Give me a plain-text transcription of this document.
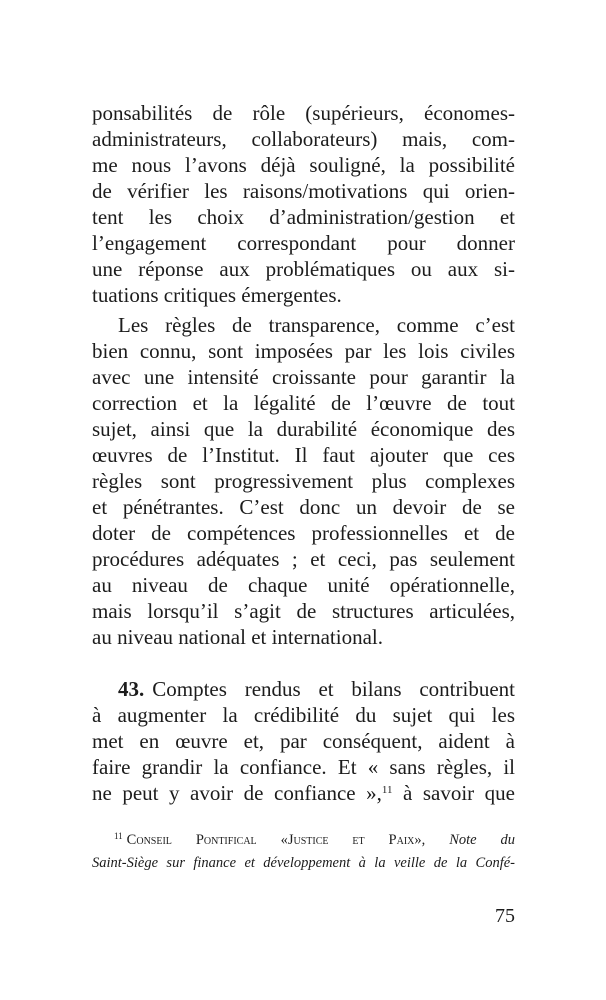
ponsabilités de rôle (supérieurs, économes-
administrateurs, collaborateurs) mais, com-
me nous l’avons déjà souligné, la possibilité
de vérifier les raisons/motivations qui orien-
tent les choix d’administration/gestion et
l’engagement correspondant pour donner
une réponse aux problématiques ou aux si-
tuations critiques émergentes.
Les règles de transparence, comme c’est
bien connu, sont imposées par les lois civiles
avec une intensité croissante pour garantir la
correction et la légalité de l’œuvre de tout
sujet, ainsi que la durabilité économique des
œuvres de l’Institut. Il faut ajouter que ces
règles sont progressivement plus complexes
et pénétrantes. C’est donc un devoir de se
doter de compétences professionnelles et de
procédures adéquates ; et ceci, pas seulement
au niveau de chaque unité opérationnelle,
mais lorsqu’il s’agit de structures articulées,
au niveau national et international.
43. Comptes rendus et bilans contribuent
à augmenter la crédibilité du sujet qui les
met en œuvre et, par conséquent, aident à
faire grandir la confiance. Et « sans règles, il
ne peut y avoir de confiance »,$^{11}$ à savoir que
$^{11}$ Conseil Pontifical «Justice et Paix», Note du
Saint-Siège sur finance et développement à la veille de la Confé-
75
